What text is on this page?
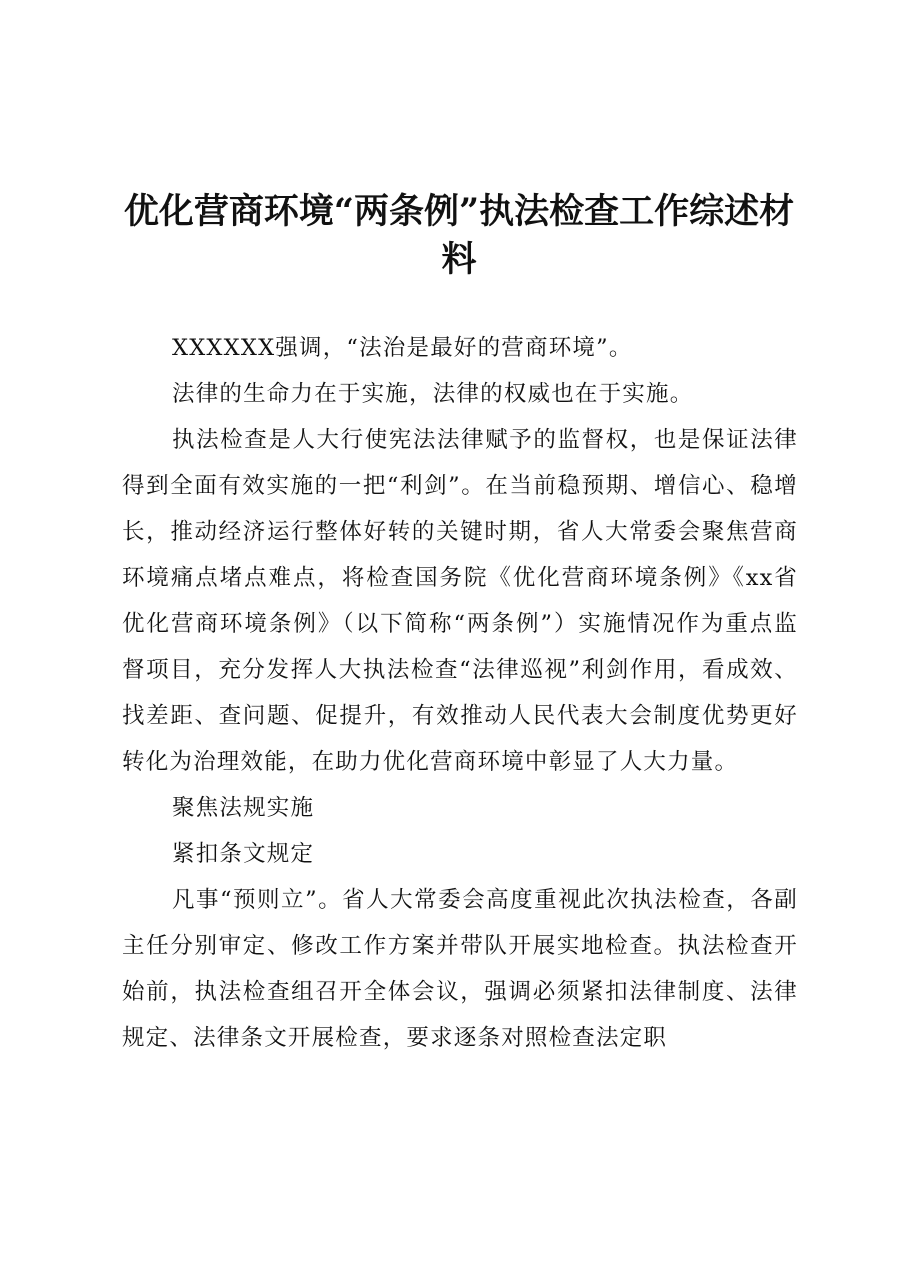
优化营商环境“两条例”执法检查工作综述材料

XXXXXX强调，“法治是最好的营商环境”。

法律的生命力在于实施，法律的权威也在于实施。

执法检查是人大行使宪法法律赋予的监督权，也是保证法律得到全面有效实施的一把“利剑”。在当前稳预期、增信心、稳增长，推动经济运行整体好转的关键时期，省人大常委会聚焦营商环境痛点堵点难点，将检查国务院《优化营商环境条例》《xx省优化营商环境条例》（以下简称“两条例”）实施情况作为重点监督项目，充分发挥人大执法检查“法律巡视”利剑作用，看成效、找差距、查问题、促提升，有效推动人民代表大会制度优势更好转化为治理效能，在助力优化营商环境中彰显了人大力量。

聚焦法规实施

紧扣条文规定

凡事“预则立”。省人大常委会高度重视此次执法检查，各副主任分别审定、修改工作方案并带队开展实地检查。执法检查开始前，执法检查组召开全体会议，强调必须紧扣法律制度、法律规定、法律条文开展检查，要求逐条对照检查法定职
